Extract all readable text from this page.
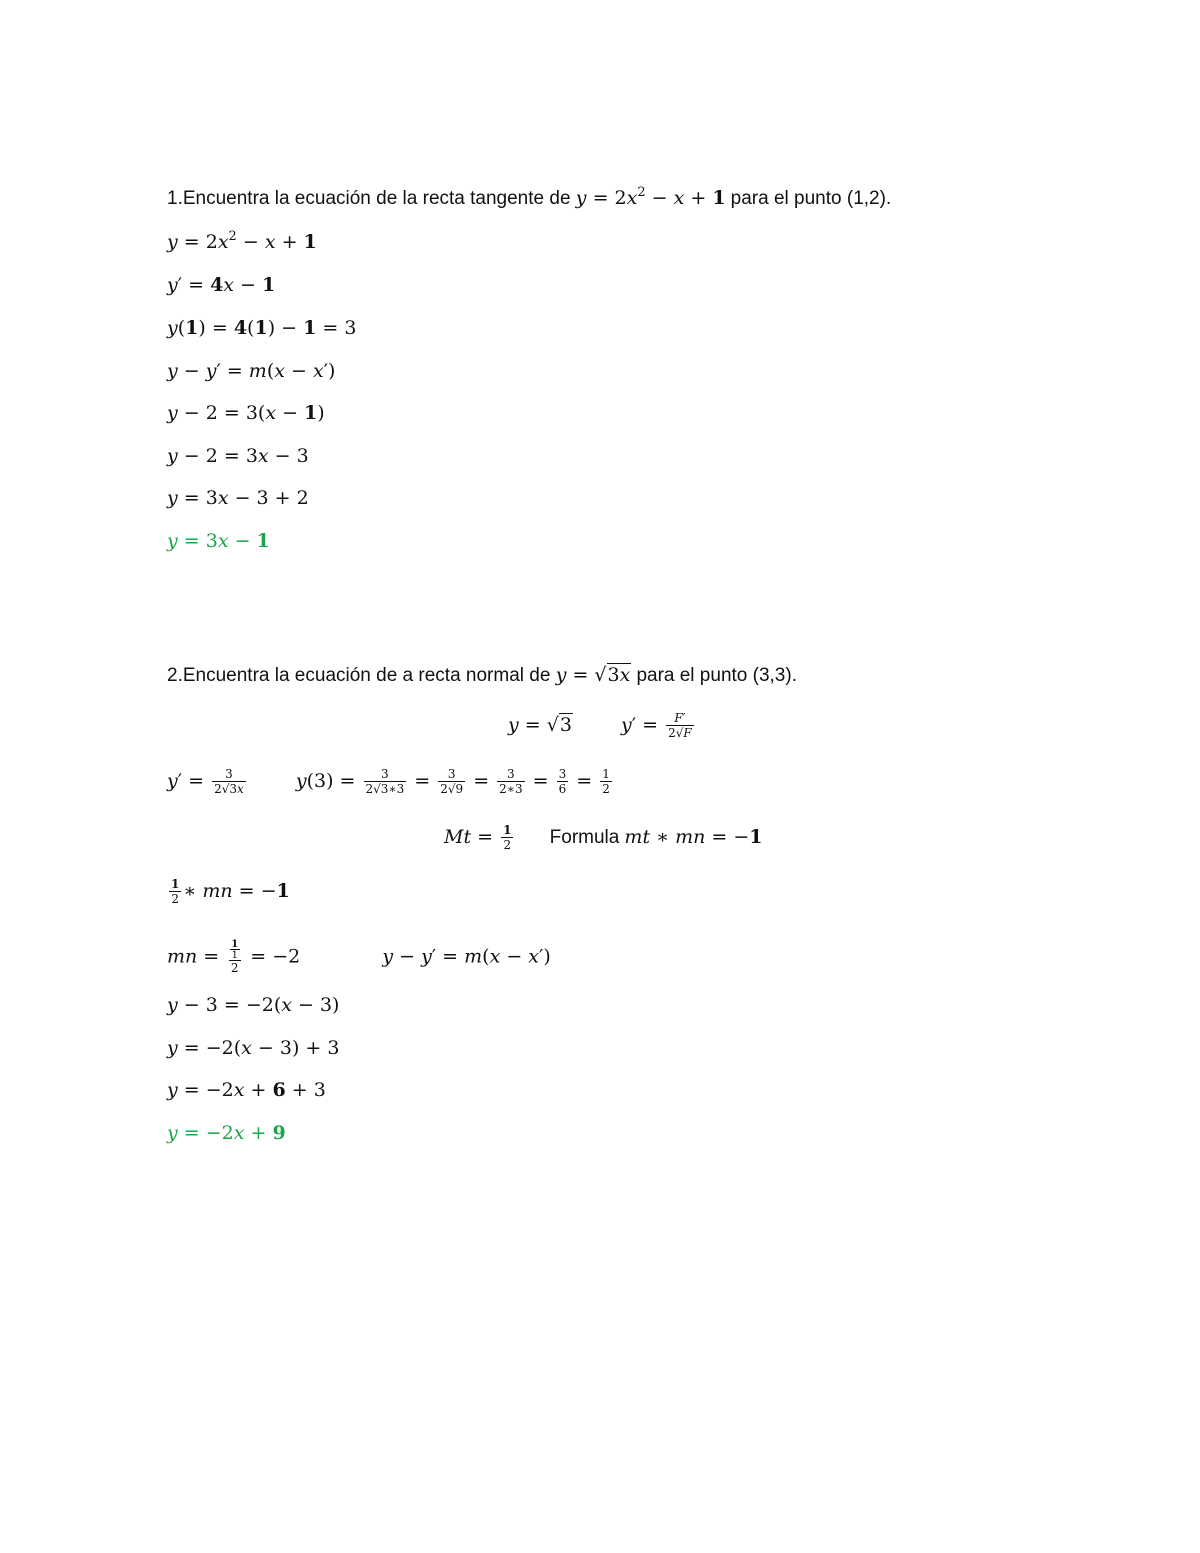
1.Encuentra la ecuación de la recta tangente de $y = 2x^2 - x + 1$ para el punto (1,2).
$y = 2x^2 - x + 1$
y′ = 4x − 1
y(1) = 4(1) − 1 = 3
y − y′ = m(x − x′)
y − 2 = 3(x − 1)
y − 2 = 3x − 3
y = 3x − 3 + 2
y = 3x − 1
2.Encuentra la ecuación de a recta normal de y = √3x para el punto (3,3).
y = √3	$y' = \frac{F'}{2√F}$
$y' = \frac{3}{2√3x}$	$y(3) = \frac{3}{2√3∗3} = \frac{3}{2√9} = \frac{3}{2∗3} = \frac{3}{6} = \frac{1}{2}$
$Mt = \frac{1}{2}$ Formula mt ∗ mn = −1
$\frac{1}{2}$ ∗ mn = −1
mn = $\frac{\frac{1}{1}}{2} = -2$	y − y′ = m(x − x′)
y − 3 = −2(x − 3)
y = −2(x − 3) + 3
y = −2x + 6 + 3
y = −2x + 9
